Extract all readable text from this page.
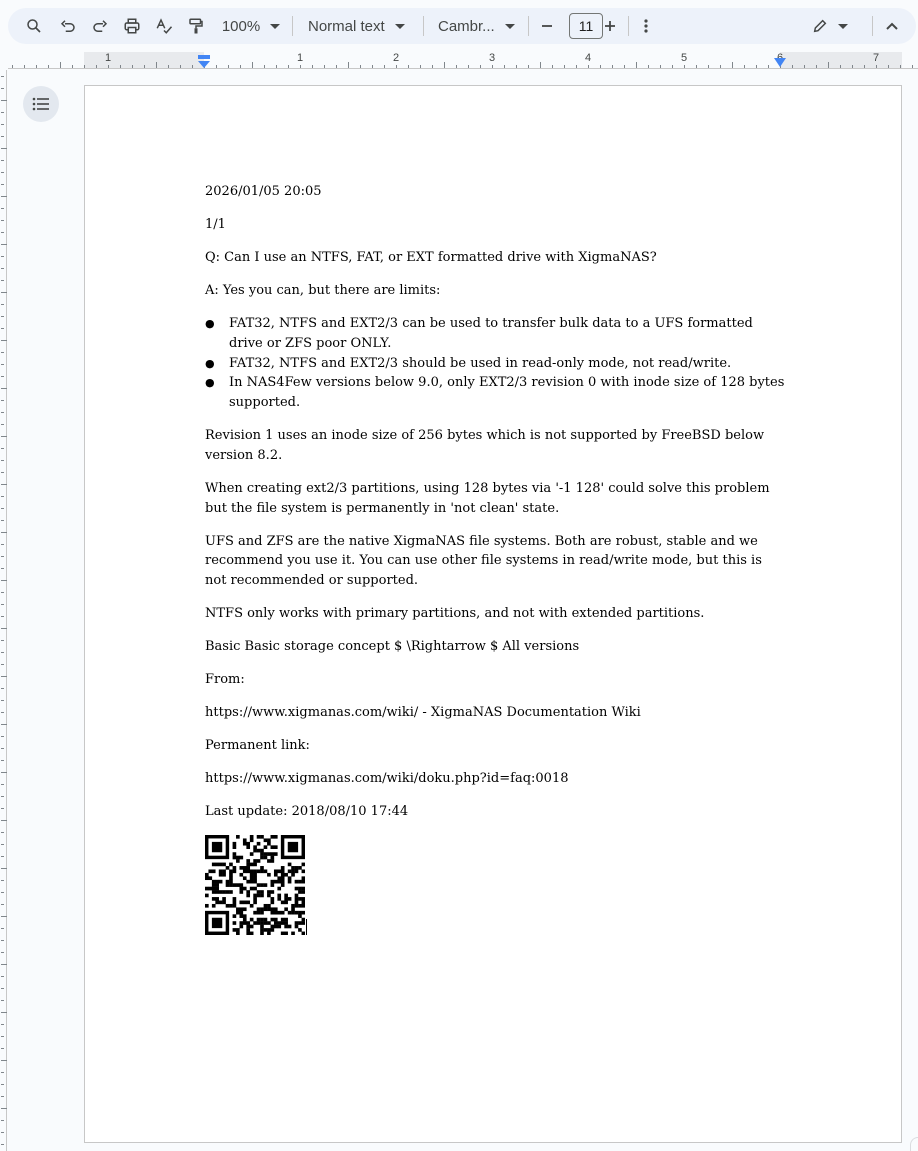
100%	Normal text	Cambr...	11
1	1	2	3	4	5	7

2026/01/05 20:05

1/1

Q: Can I use an NTFS, FAT, or EXT formatted drive with XigmaNAS?

A: Yes you can, but there are limits:

● FAT32, NTFS and EXT2/3 can be used to transfer bulk data to a UFS formatted drive or ZFS poor ONLY.
● FAT32, NTFS and EXT2/3 should be used in read-only mode, not read/write.
● In NAS4Few versions below 9.0, only EXT2/3 revision 0 with inode size of 128 bytes supported.

Revision 1 uses an inode size of 256 bytes which is not supported by FreeBSD below version 8.2.

When creating ext2/3 partitions, using 128 bytes via '-1 128' could solve this problem but the file system is permanently in 'not clean' state.

UFS and ZFS are the native XigmaNAS file systems. Both are robust, stable and we recommend you use it. You can use other file systems in read/write mode, but this is not recommended or supported.

NTFS only works with primary partitions, and not with extended partitions.

Basic Basic storage concept $ \Rightarrow $ All versions

From:

https://www.xigmanas.com/wiki/ - XigmaNAS Documentation Wiki

Permanent link:

https://www.xigmanas.com/wiki/doku.php?id=faq:0018

Last update: 2018/08/10 17:44
